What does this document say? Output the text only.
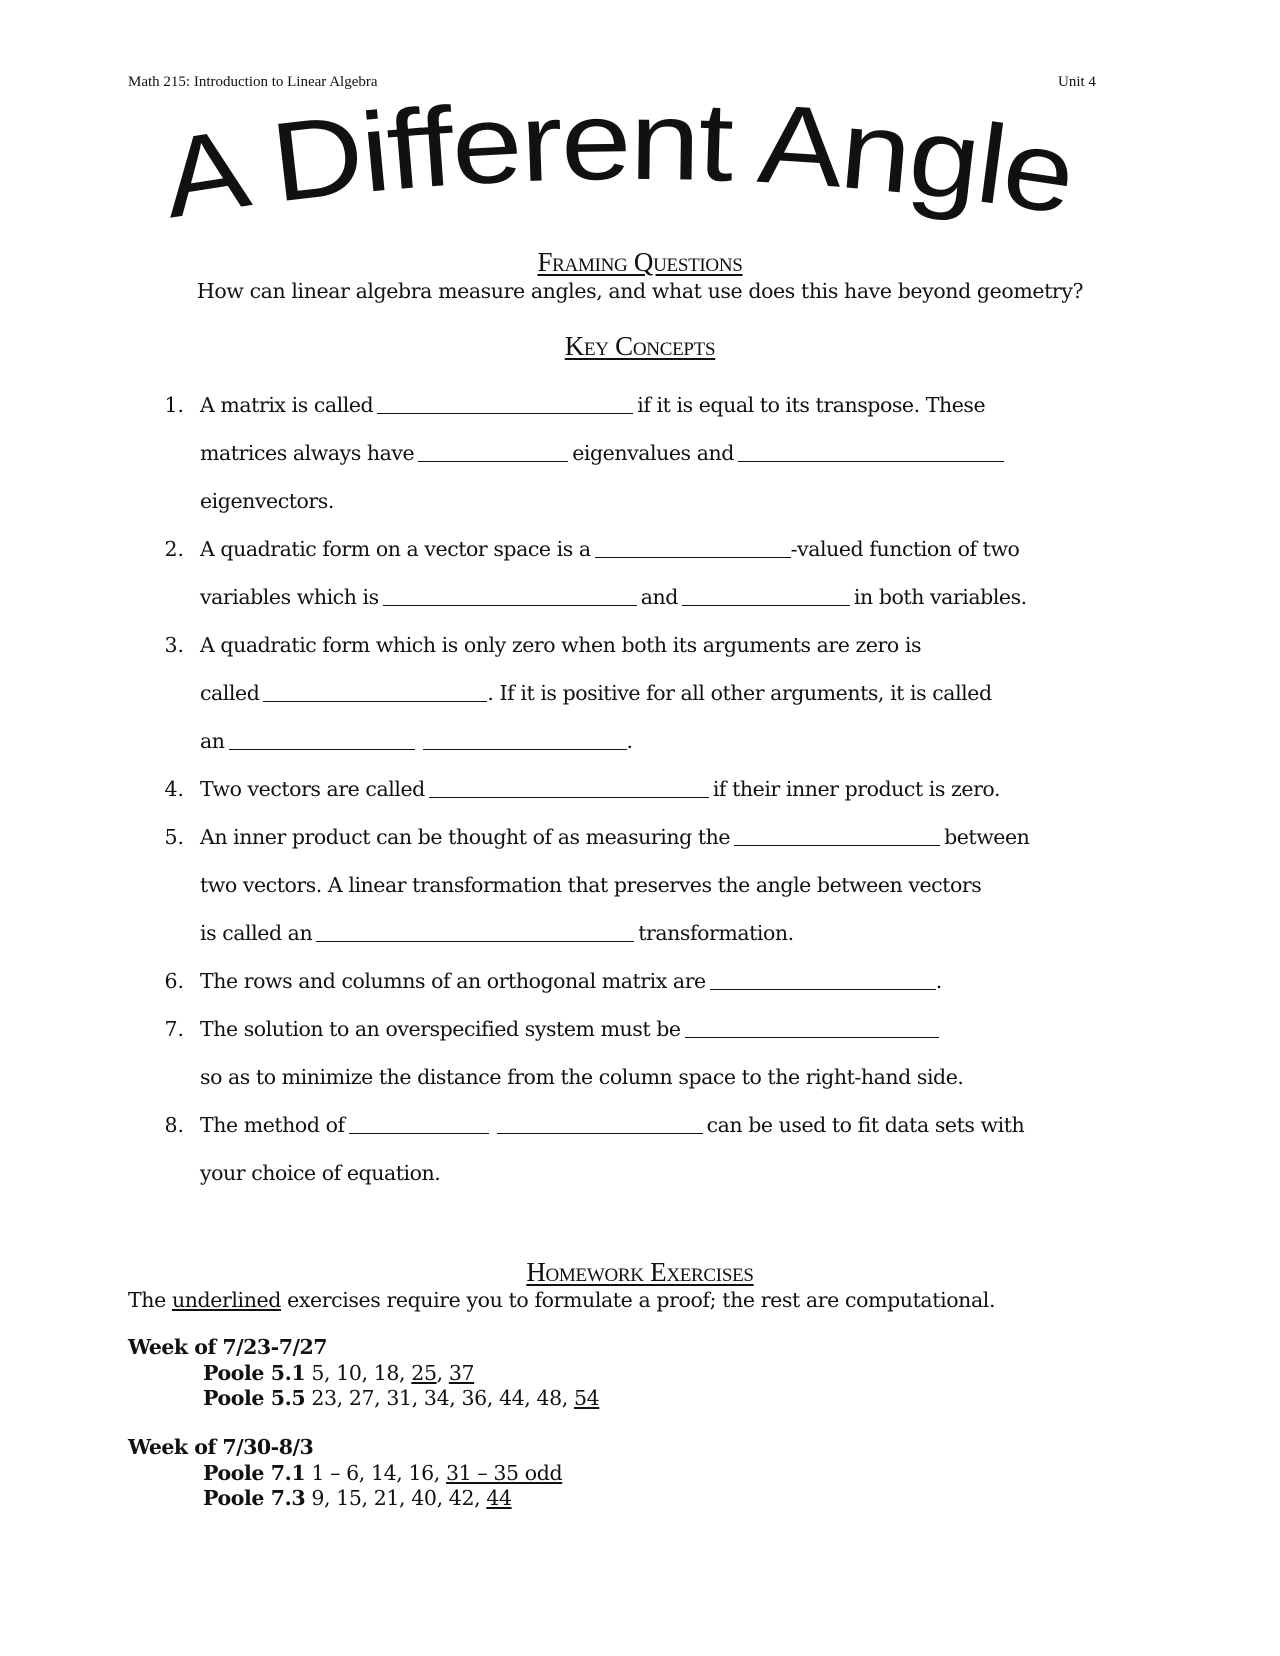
Math 215: Introduction to Linear Algebra	Unit 4
A Different Angle
Framing Questions
How can linear algebra measure angles, and what use does this have beyond geometry?
Key Concepts
1. A matrix is called	if it is equal to its transpose. These
matrices always have	eigenvalues and
eigenvectors.
2. A quadratic form on a vector space is a	-valued function of two
variables which is	and	in both variables.
3. A quadratic form which is only zero when both its arguments are zero is
called	. If it is positive for all other arguments, it is called
an	.
4. Two vectors are called	if their inner product is zero.
5. An inner product can be thought of as measuring the	between
two vectors. A linear transformation that preserves the angle between vectors
is called an	transformation.
6. The rows and columns of an orthogonal matrix are	.
7. The solution to an overspecified system must be
so as to minimize the distance from the column space to the right-hand side.
8. The method of	can be used to fit data sets with
your choice of equation.
Homework Exercises
The underlined exercises require you to formulate a proof; the rest are computational.
Week of 7/23-7/27
Poole 5.1 5, 10, 18, 25, 37
Poole 5.5 23, 27, 31, 34, 36, 44, 48, 54
Week of 7/30-8/3
Poole 7.1 1 – 6, 14, 16, 31 – 35 odd
Poole 7.3 9, 15, 21, 40, 42, 44
